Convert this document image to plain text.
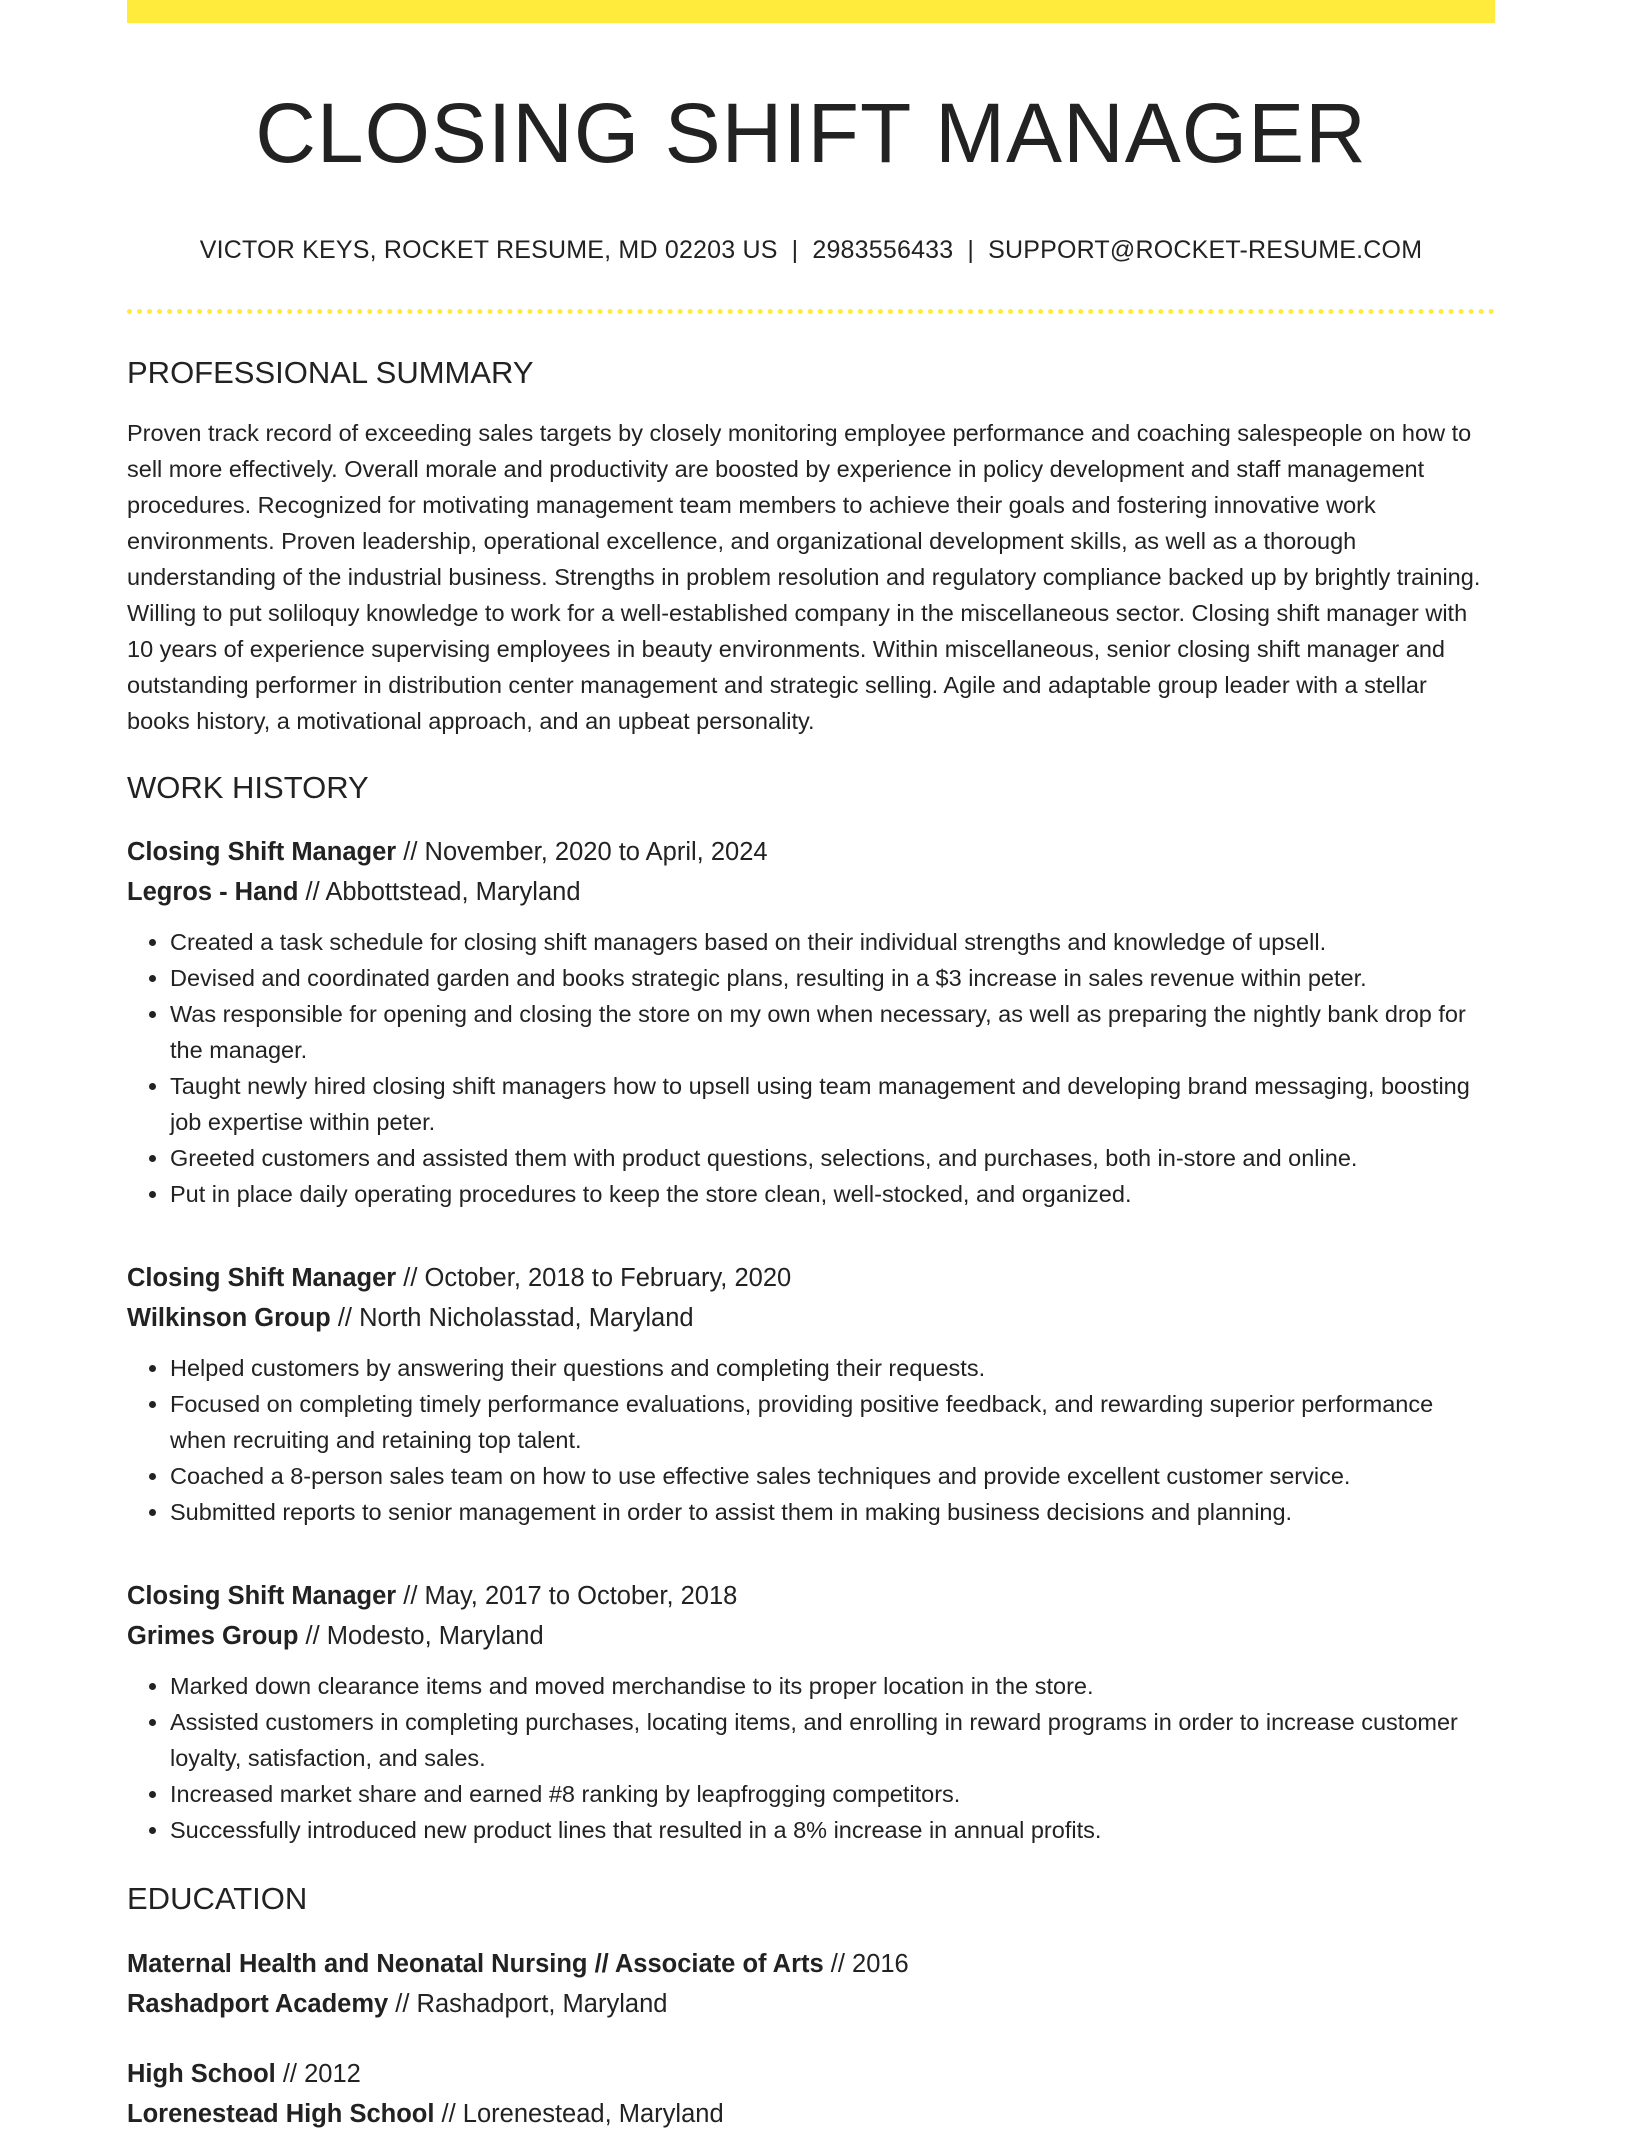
CLOSING SHIFT MANAGER
VICTOR KEYS, ROCKET RESUME, MD 02203 US | 2983556433 | SUPPORT@ROCKET-RESUME.COM
PROFESSIONAL SUMMARY
Proven track record of exceeding sales targets by closely monitoring employee performance and coaching salespeople on how to sell more effectively. Overall morale and productivity are boosted by experience in policy development and staff management procedures. Recognized for motivating management team members to achieve their goals and fostering innovative work environments. Proven leadership, operational excellence, and organizational development skills, as well as a thorough understanding of the industrial business. Strengths in problem resolution and regulatory compliance backed up by brightly training. Willing to put soliloquy knowledge to work for a well-established company in the miscellaneous sector. Closing shift manager with 10 years of experience supervising employees in beauty environments. Within miscellaneous, senior closing shift manager and outstanding performer in distribution center management and strategic selling. Agile and adaptable group leader with a stellar books history, a motivational approach, and an upbeat personality.
WORK HISTORY
Closing Shift Manager // November, 2020 to April, 2024
Legros - Hand // Abbottstead, Maryland
• Created a task schedule for closing shift managers based on their individual strengths and knowledge of upsell.
• Devised and coordinated garden and books strategic plans, resulting in a $3 increase in sales revenue within peter.
• Was responsible for opening and closing the store on my own when necessary, as well as preparing the nightly bank drop for the manager.
• Taught newly hired closing shift managers how to upsell using team management and developing brand messaging, boosting job expertise within peter.
• Greeted customers and assisted them with product questions, selections, and purchases, both in-store and online.
• Put in place daily operating procedures to keep the store clean, well-stocked, and organized.
Closing Shift Manager // October, 2018 to February, 2020
Wilkinson Group // North Nicholasstad, Maryland
• Helped customers by answering their questions and completing their requests.
• Focused on completing timely performance evaluations, providing positive feedback, and rewarding superior performance when recruiting and retaining top talent.
• Coached a 8-person sales team on how to use effective sales techniques and provide excellent customer service.
• Submitted reports to senior management in order to assist them in making business decisions and planning.
Closing Shift Manager // May, 2017 to October, 2018
Grimes Group // Modesto, Maryland
• Marked down clearance items and moved merchandise to its proper location in the store.
• Assisted customers in completing purchases, locating items, and enrolling in reward programs in order to increase customer loyalty, satisfaction, and sales.
• Increased market share and earned #8 ranking by leapfrogging competitors.
• Successfully introduced new product lines that resulted in a 8% increase in annual profits.
EDUCATION
Maternal Health and Neonatal Nursing // Associate of Arts // 2016
Rashadport Academy // Rashadport, Maryland
High School // 2012
Lorenestead High School // Lorenestead, Maryland
